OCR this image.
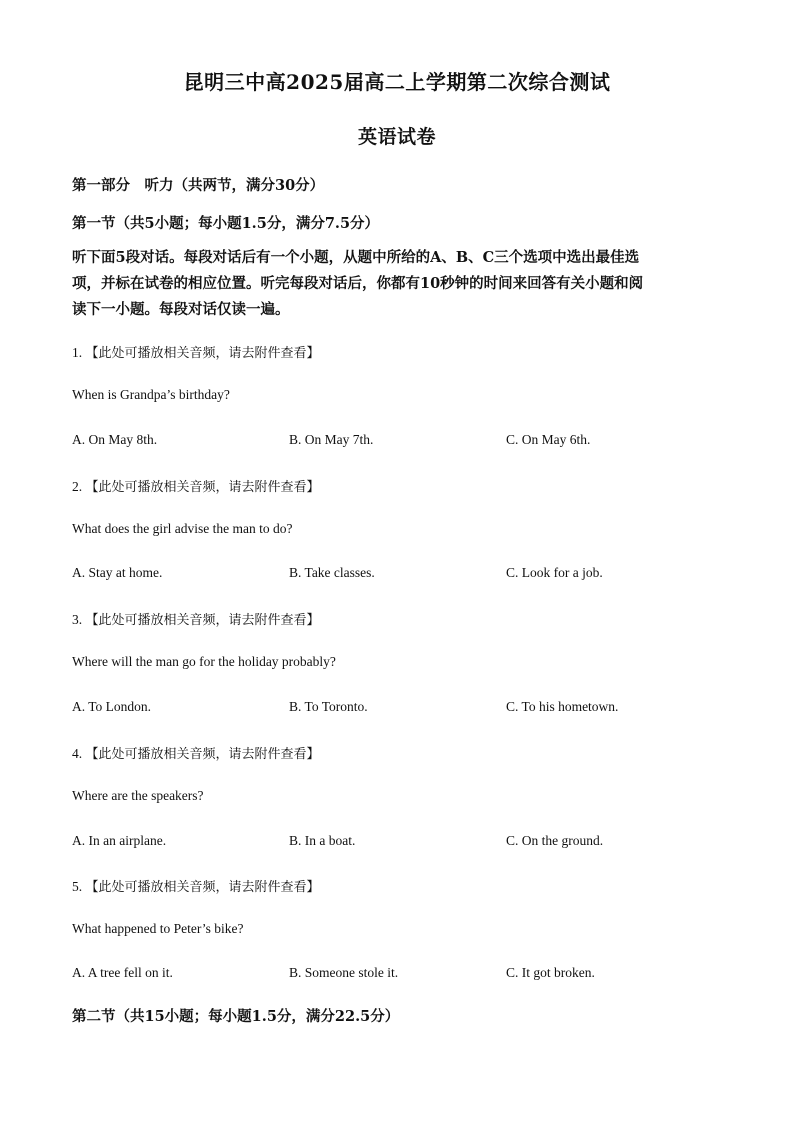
昆明三中高2025届高二上学期第二次综合测试
英语试卷
第一部分　听力（共两节，满分30分）
第一节（共5小题；每小题1.5分，满分7.5分）

听下面5段对话。每段对话后有一个小题，从题中所给的A、B、C三个选项中选出最佳选

项，并标在试卷的相应位置。听完每段对话后，你都有10秒钟的时间来回答有关小题和阅

读下一小题。每段对话仅读一遍。

1. 【此处可播放相关音频，请去附件查看】
When is Grandpa’s birthday?
A. On May 8th.	B. On May 7th.	C. On May 6th.
2. 【此处可播放相关音频，请去附件查看】
What does the girl advise the man to do?
A. Stay at home.	B. Take classes.	C. Look for a job.
3. 【此处可播放相关音频，请去附件查看】
Where will the man go for the holiday probably?
A. To London.	B. To Toronto.	C. To his hometown.
4. 【此处可播放相关音频，请去附件查看】
Where are the speakers?
A. In an airplane.	B. In a boat.	C. On the ground.
5. 【此处可播放相关音频，请去附件查看】
What happened to Peter’s bike?
A. A tree fell on it.	B. Someone stole it.	C. It got broken.
第二节（共15小题；每小题1.5分，满分22.5分）
